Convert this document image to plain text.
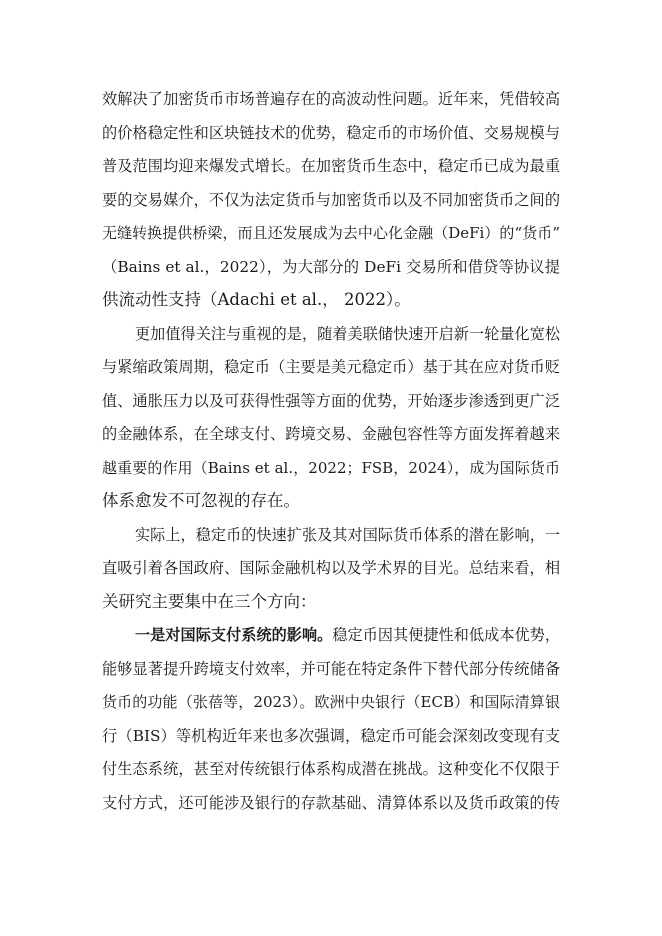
效解决了加密货币市场普遍存在的高波动性问题。近年来，凭借较高
的价格稳定性和区块链技术的优势，稳定币的市场价值、交易规模与
普及范围均迎来爆发式增长。在加密货币生态中，稳定币已成为最重
要的交易媒介，不仅为法定货币与加密货币以及不同加密货币之间的
无缝转换提供桥梁，而且还发展成为去中心化金融（DeFi）的“货币”
（Bains et al.，2022），为大部分的 DeFi 交易所和借贷等协议提
供流动性支持（Adachi et al.， 2022）。
更加值得关注与重视的是，随着美联储快速开启新一轮量化宽松
与紧缩政策周期，稳定币（主要是美元稳定币）基于其在应对货币贬
值、通胀压力以及可获得性强等方面的优势，开始逐步渗透到更广泛
的金融体系，在全球支付、跨境交易、金融包容性等方面发挥着越来
越重要的作用（Bains et al.，2022；FSB，2024），成为国际货币
体系愈发不可忽视的存在。
实际上，稳定币的快速扩张及其对国际货币体系的潜在影响，一
直吸引着各国政府、国际金融机构以及学术界的目光。总结来看，相
关研究主要集中在三个方向：
一是对国际支付系统的影响。稳定币因其便捷性和低成本优势，
能够显著提升跨境支付效率，并可能在特定条件下替代部分传统储备
货币的功能（张蓓等，2023）。欧洲中央银行（ECB）和国际清算银
行（BIS）等机构近年来也多次强调，稳定币可能会深刻改变现有支
付生态系统，甚至对传统银行体系构成潜在挑战。这种变化不仅限于
支付方式，还可能涉及银行的存款基础、清算体系以及货币政策的传
